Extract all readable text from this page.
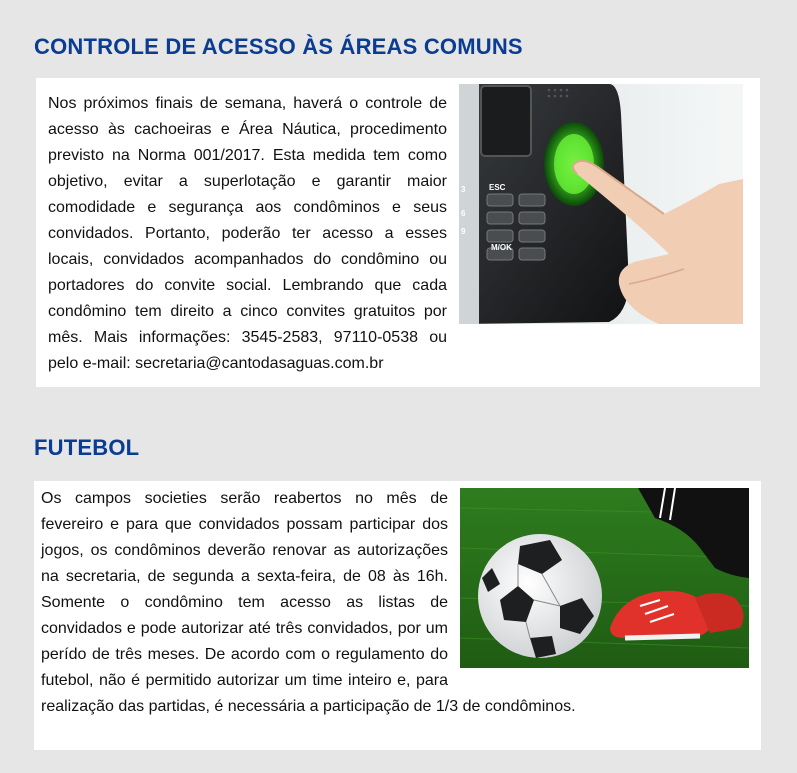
CONTROLE DE ACESSO ÀS ÁREAS COMUNS
3	ESC
6
9
M/OK

Nos próximos finais de semana, haverá o controle de acesso às cachoeiras e Área Náutica, procedimento previsto na Norma 001/2017. Esta medida tem como objetivo, evitar a superlotação e garantir maior comodidade e segurança aos condôminos e seus convidados. Portanto, poderão ter acesso a esses locais, convidados acompanhados do condômino ou portadores do convite social. Lembrando que cada condômino tem direito a cinco convites gratuitos por mês. Mais informações: 3545-2583, 97110-0538 ou pelo e-mail: secretaria@cantodasaguas.com.br

FUTEBOL

Os campos societies serão reabertos no mês de fevereiro e para que convidados possam participar dos jogos, os condôminos deverão renovar as autorizações na secretaria, de segunda a sexta-feira, de 08 às 16h. Somente o condômino tem acesso as listas de convidados e pode autorizar até três convidados, por um perído de três meses. De acordo com o regulamento do futebol, não é permitido autorizar um time inteiro e, para realização das partidas, é necessária a participação de 1/3 de condôminos.
